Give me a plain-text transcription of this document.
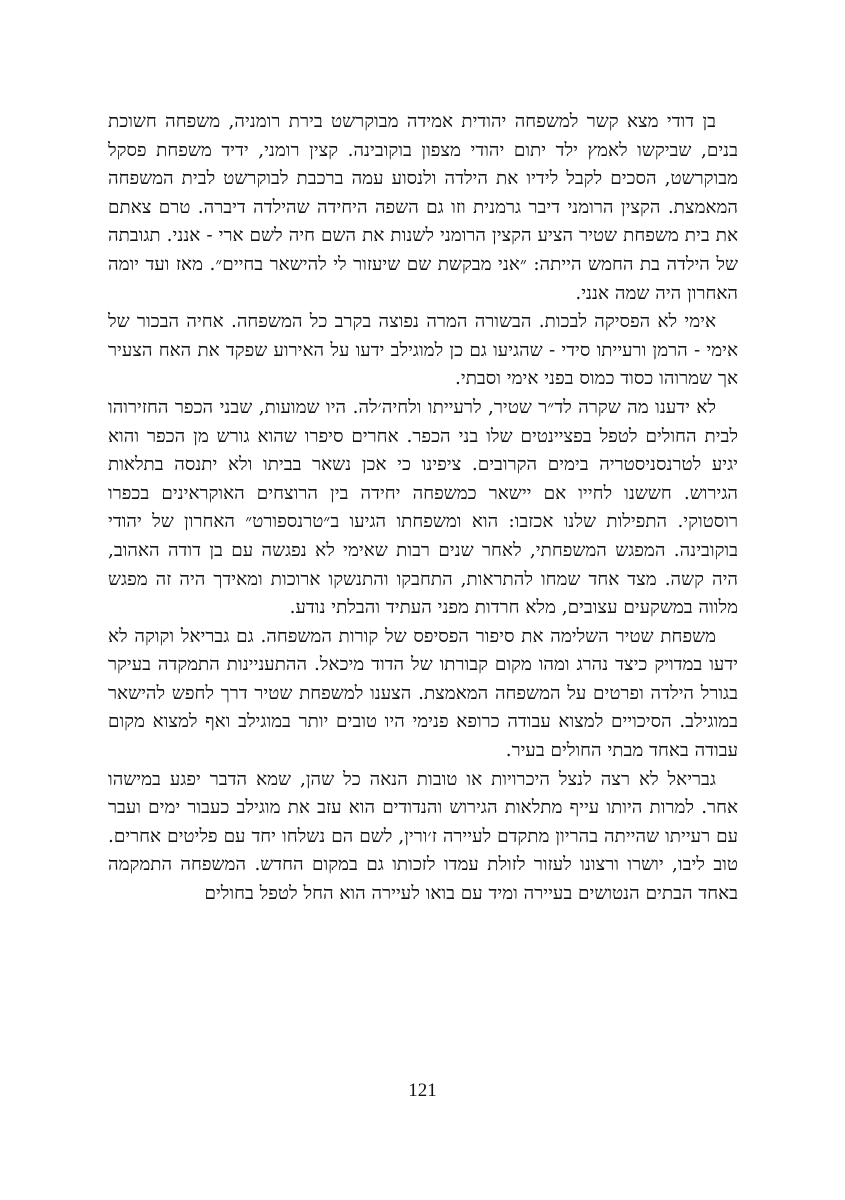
בן דודי מצא קשר למשפחה יהודית אמידה מבוקרשט בירת רומניה, משפחה חשוכת בנים, שביקשו לאמץ ילד יתום יהודי מצפון בוקובינה. קצין רומני, ידיד משפחת פסקל מבוקרשט, הסכים לקבל לידיו את הילדה ולנסוע עמה ברכבת לבוקרשט לבית המשפחה המאמצת. הקצין הרומני דיבר גרמנית וזו גם השפה היחידה שהילדה דיברה. טרם צאתם את בית משפחת שטיר הציע הקצין הרומני לשנות את השם חיה לשם ארי - אנני. תגובתה של הילדה בת החמש הייתה: ״אני מבקשת שם שיעזור לי להישאר בחיים״. מאז ועד יומה האחרון היה שמה אנני.

אימי לא הפסיקה לבכות. הבשורה המרה נפוצה בקרב כל המשפחה. אחיה הבכור של אימי - הרמן ורעייתו סידי - שהגיעו גם כן למוגילב ידעו על האירוע שפקד את האח הצעיר אך שמרוהו כסוד כמוס בפני אימי וסבתי.

לא ידענו מה שקרה לד״ר שטיר, לרעייתו ולחיה׳לה. היו שמועות, שבני הכפר החזירוהו לבית החולים לטפל בפציינטים שלו בני הכפר. אחרים סיפרו שהוא גורש מן הכפר והוא יגיע לטרנסניסטריה בימים הקרובים. ציפינו כי אכן נשאר בביתו ולא יתנסה בתלאות הגירוש. חששנו לחייו אם יישאר כמשפחה יחידה בין הרוצחים האוקראינים בכפרו רוסטוקי. התפילות שלנו אכזבו: הוא ומשפחתו הגיעו ב״טרנספורט״ האחרון של יהודי בוקובינה. המפגש המשפחתי, לאחר שנים רבות שאימי לא נפגשה עם בן דודה האהוב, היה קשה. מצד אחד שמחו להתראות, התחבקו והתנשקו ארוכות ומאידך היה זה מפגש מלווה במשקעים עצובים, מלא חרדות מפני העתיד והבלתי נודע.

משפחת שטיר השלימה את סיפור הפסיפס של קורות המשפחה. גם גבריאל וקוקה לא ידעו במדויק כיצד נהרג ומהו מקום קבורתו של הדוד מיכאל. ההתעניינות התמקדה בעיקר בגורל הילדה ופרטים על המשפחה המאמצת. הצענו למשפחת שטיר דרך לחפש להישאר במוגילב. הסיכויים למצוא עבודה כרופא פנימי היו טובים יותר במוגילב ואף למצוא מקום עבודה באחד מבתי החולים בעיר.

גבריאל לא רצה לנצל היכרויות או טובות הנאה כל שהן, שמא הדבר יפגע במישהו אחר. למרות היותו עייף מתלאות הגירוש והנדודים הוא עזב את מוגילב כעבור ימים ועבר עם רעייתו שהייתה בהריון מתקדם לעיירה ז׳ורין, לשם הם נשלחו יחד עם פליטים אחרים. טוב ליבו, יושרו ורצונו לעזור לזולת עמדו לזכותו גם במקום החדש. המשפחה התמקמה באחד הבתים הנטושים בעיירה ומיד עם בואו לעיירה הוא החל לטפל בחולים

121
